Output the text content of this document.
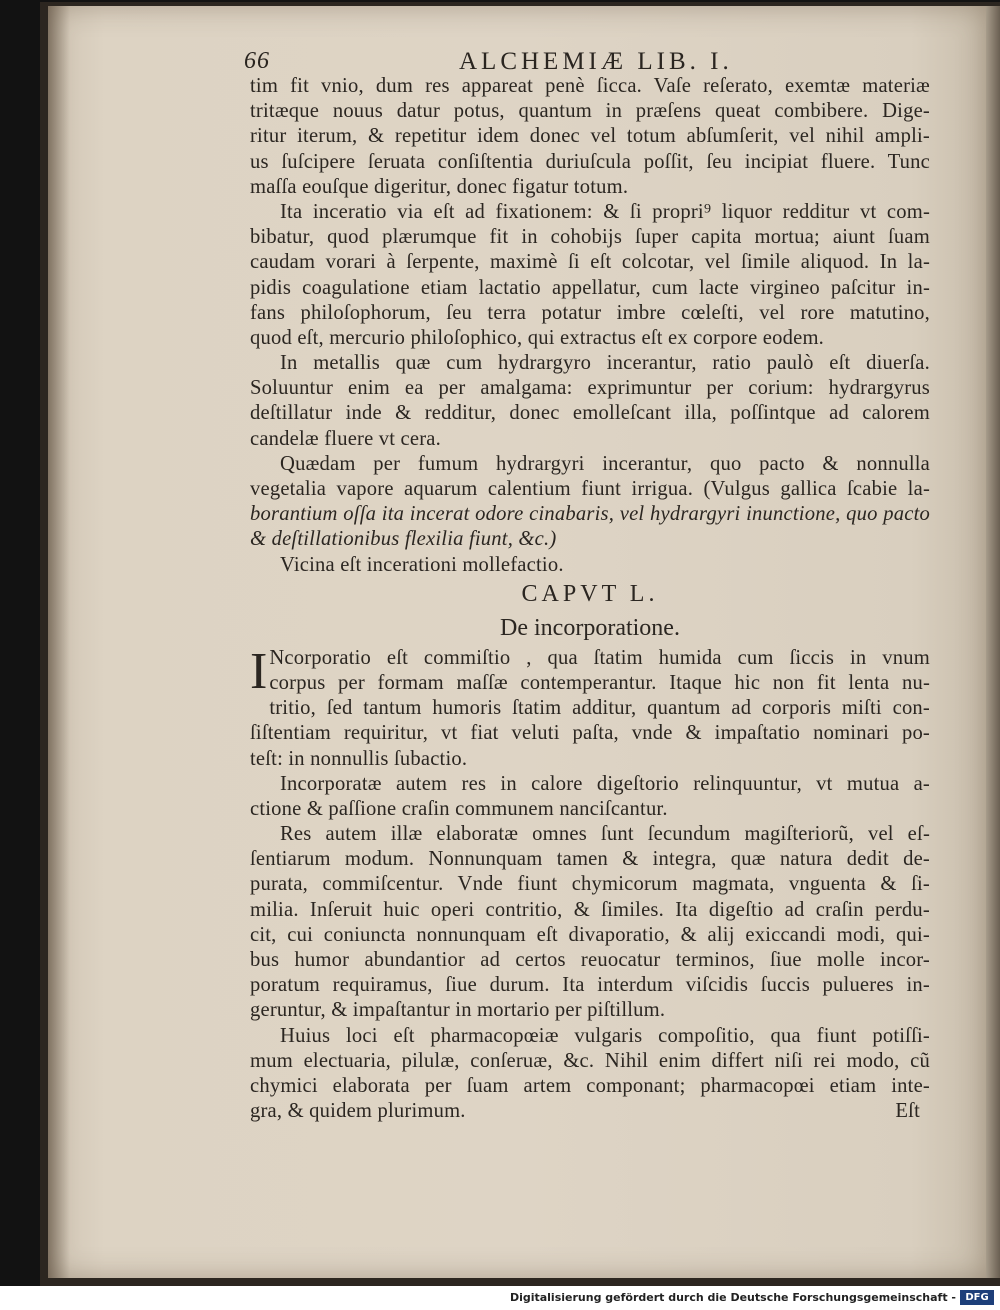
66	ALCHEMIÆ LIB. I.
tim fit vnio, dum res appareat penè ſicca. Vaſe reſerato, exemtæ materiæ
tritæque nouus datur potus, quantum in præſens queat combibere. Dige-
ritur iterum, & repetitur idem donec vel totum abſumſerit, vel nihil ampli-
us ſuſcipere ſeruata conſiſtentia duriuſcula poſſit, ſeu incipiat fluere. Tunc
maſſa eouſque digeritur, donec figatur totum.
Ita inceratio via eſt ad fixationem: & ſi propri⁹ liquor redditur vt com-
bibatur, quod plærumque fit in cohobijs ſuper capita mortua; aiunt ſuam
caudam vorari à ſerpente, maximè ſi eſt colcotar, vel ſimile aliquod. In la-
pidis coagulatione etiam lactatio appellatur, cum lacte virgineo paſcitur in-
fans philoſophorum, ſeu terra potatur imbre cœleſti, vel rore matutino,
quod eſt, mercurio philoſophico, qui extractus eſt ex corpore eodem.
In metallis quæ cum hydrargyro incerantur, ratio paulò eſt diuerſa.
Soluuntur enim ea per amalgama: exprimuntur per corium: hydrargyrus
deſtillatur inde & redditur, donec emolleſcant illa, poſſintque ad calorem
candelæ fluere vt cera.
Quædam per fumum hydrargyri incerantur, quo pacto & nonnulla
vegetalia vapore aquarum calentium fiunt irrigua. (Vulgus gallica ſcabie la-
borantium oſſa ita incerat odore cinabaris, vel hydrargyri inunctione, quo pacto
& deſtillationibus flexilia fiunt, &c.)
Vicina eſt incerationi mollefactio.
CAPVT L.
De incorporatione.
I Ncorporatio eſt commiſtio , qua ſtatim humida cum ſiccis in vnum
corpus per formam maſſæ contemperantur. Itaque hic non fit lenta nu-
tritio, ſed tantum humoris ſtatim additur, quantum ad corporis miſti con-
ſiſtentiam requiritur, vt fiat veluti paſta, vnde & impaſtatio nominari po-
teſt: in nonnullis ſubactio.
Incorporatæ autem res in calore digeſtorio relinquuntur, vt mutua a-
ctione & paſſione craſin communem nanciſcantur.
Res autem illæ elaboratæ omnes ſunt ſecundum magiſteriorũ, vel eſ-
ſentiarum modum. Nonnunquam tamen & integra, quæ natura dedit de-
purata, commiſcentur. Vnde fiunt chymicorum magmata, vnguenta & ſi-
milia. Inſeruit huic operi contritio, & ſimiles. Ita digeſtio ad craſin perdu-
cit, cui coniuncta nonnunquam eſt divaporatio, & alij exiccandi modi, qui-
bus humor abundantior ad certos reuocatur terminos, ſiue molle incor-
poratum requiramus, ſiue durum. Ita interdum viſcidis ſuccis pulueres in-
geruntur, & impaſtantur in mortario per piſtillum.
Huius loci eſt pharmacopœiæ vulgaris compoſitio, qua fiunt potiſſi-
mum electuaria, pilulæ, conſeruæ, &c. Nihil enim differt niſi rei modo, cũ
chymici elaborata per ſuam artem componant; pharmacopœi etiam inte-
gra, & quidem plurimum.	Eſt
Digitalisierung gefördert durch die Deutsche Forschungsgemeinschaft - DFG
